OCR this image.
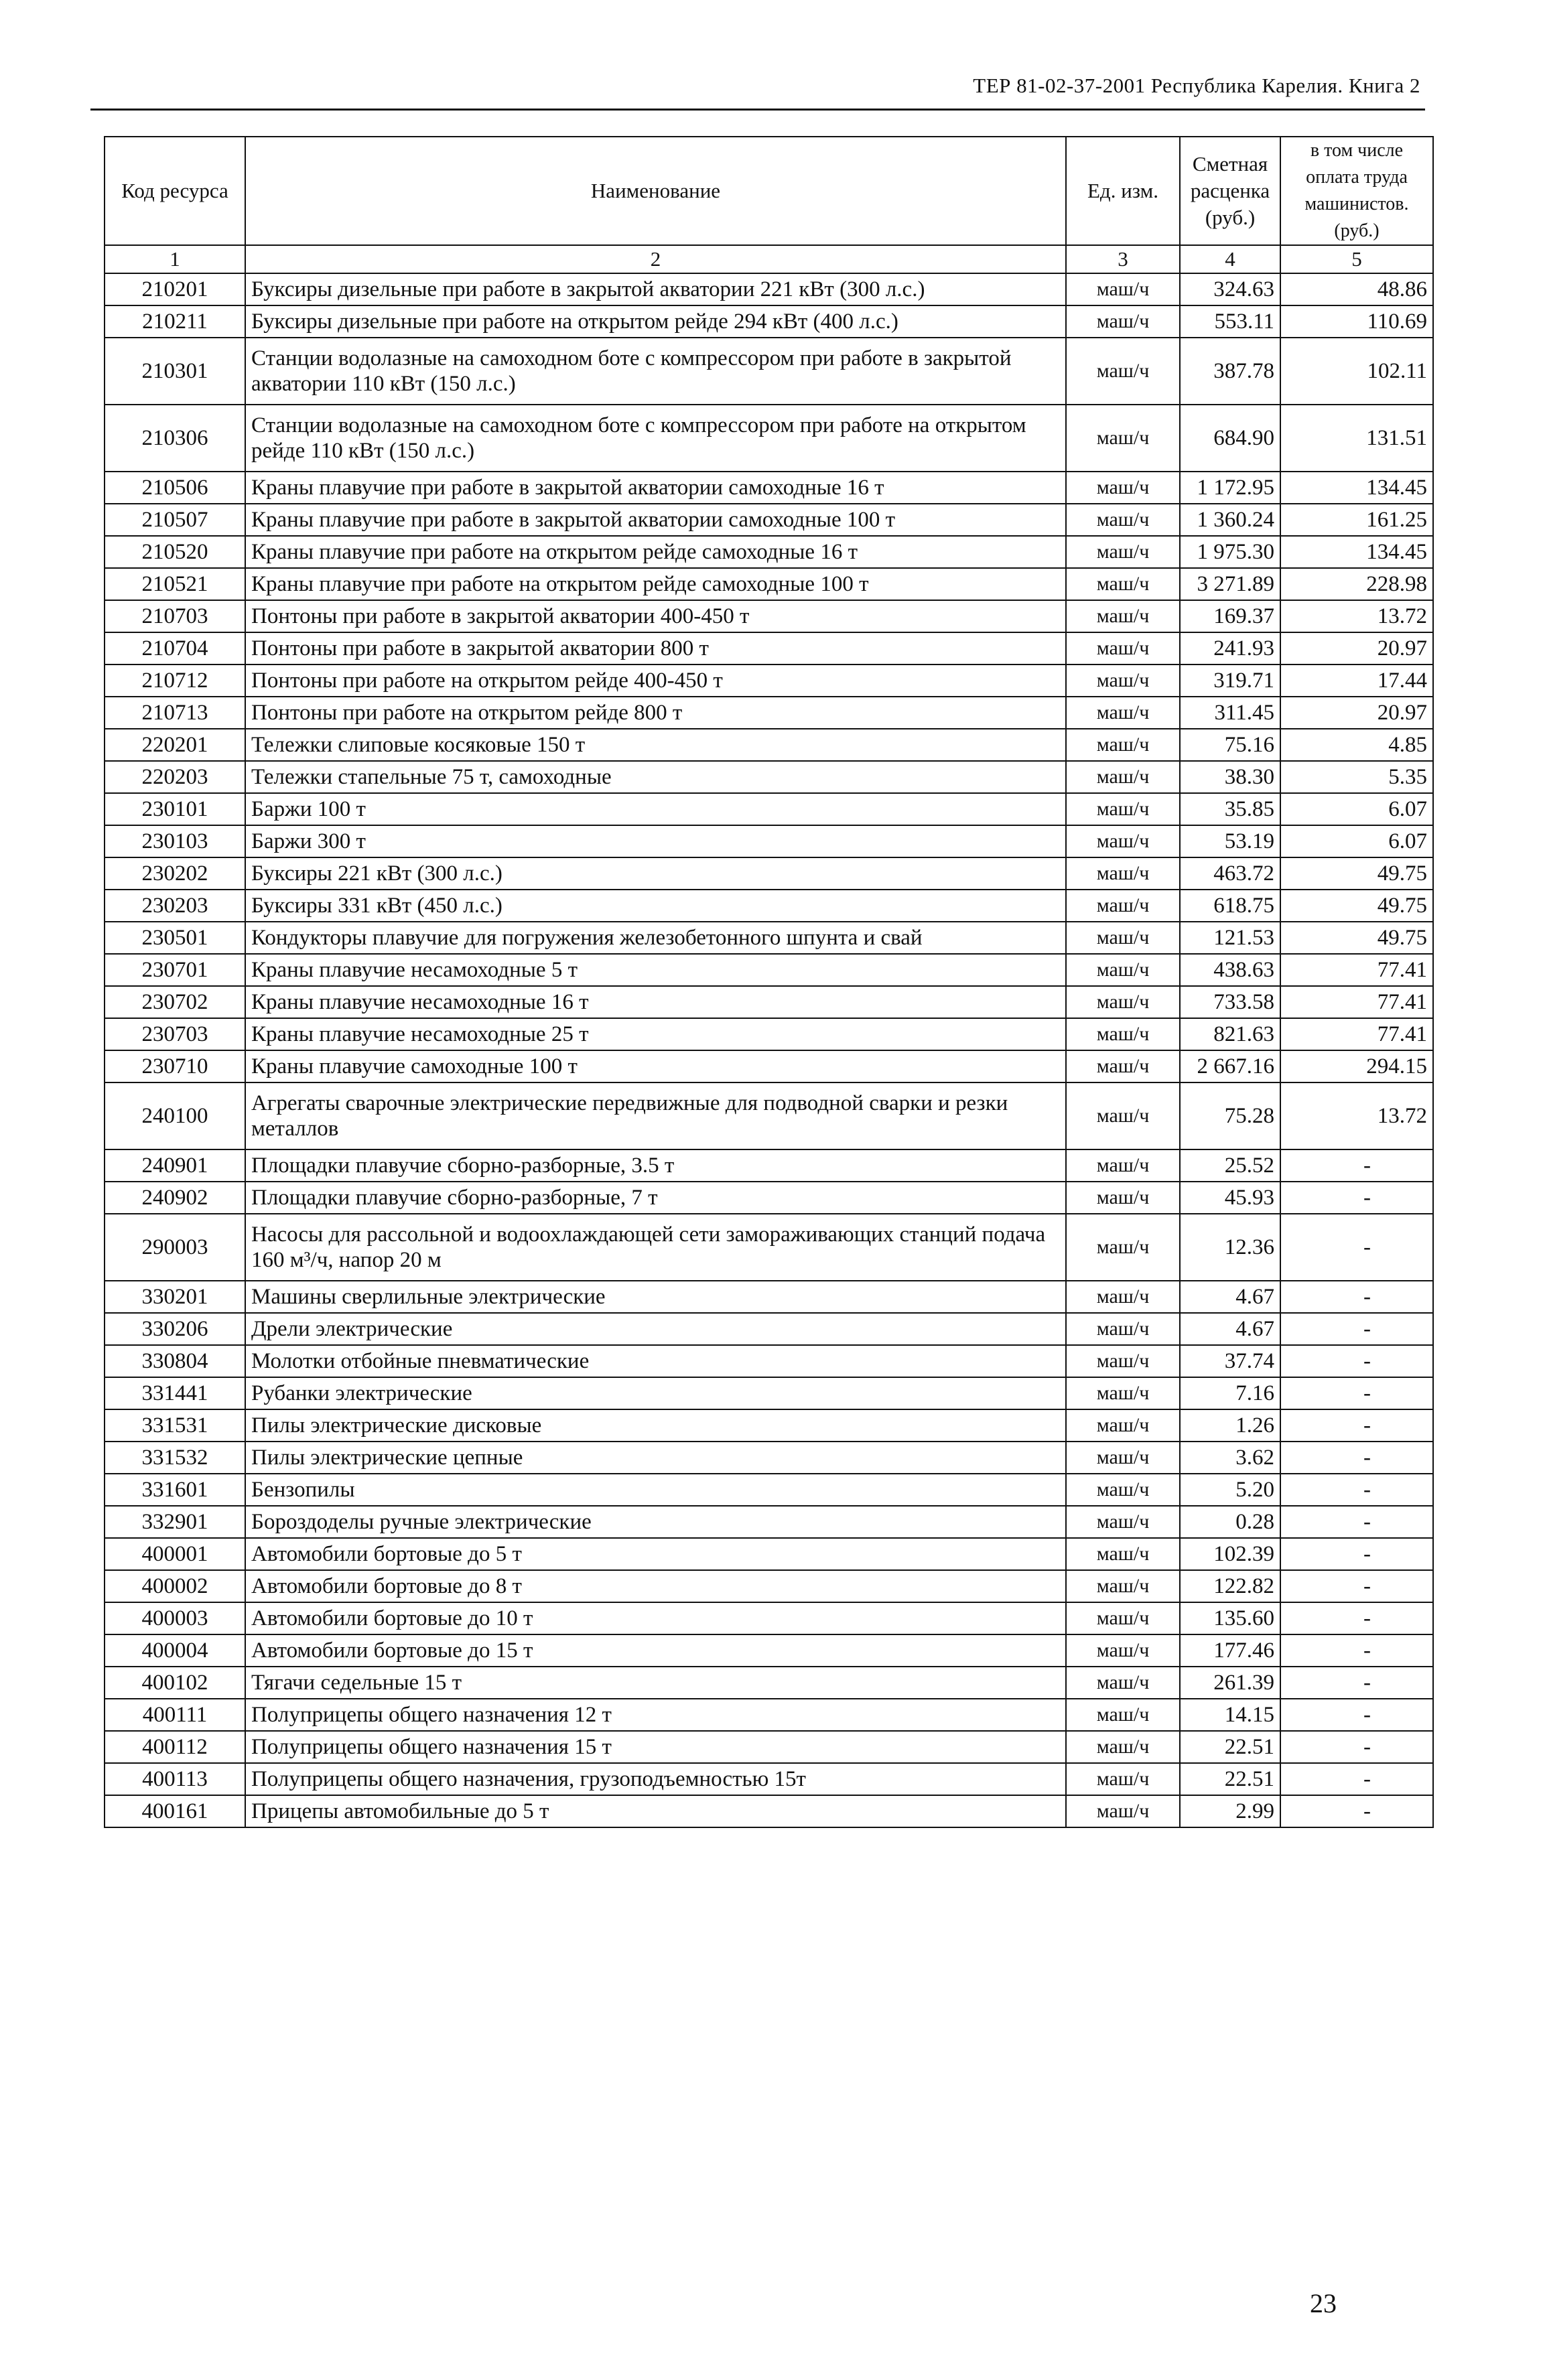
ТЕР 81-02-37-2001 Республика Карелия. Книга 2
Код ресурса	Наименование	Ед. изм.	Сметная расценка (руб.)	в том числе оплата труда машинистов. (руб.)
1	2	3	4	5
210201	Буксиры дизельные при работе в закрытой акватории 221 кВт (300 л.с.)	маш/ч	324.63	48.86
210211	Буксиры дизельные при работе на открытом рейде 294 кВт (400 л.с.)	маш/ч	553.11	110.69
210301	Станции водолазные на самоходном боте с компрессором при работе в закрытой акватории 110 кВт (150 л.с.)	маш/ч	387.78	102.11
210306	Станции водолазные на самоходном боте с компрессором при работе на открытом рейде 110 кВт (150 л.с.)	маш/ч	684.90	131.51
210506	Краны плавучие при работе в закрытой акватории самоходные 16 т	маш/ч	1 172.95	134.45
210507	Краны плавучие при работе в закрытой акватории самоходные 100 т	маш/ч	1 360.24	161.25
210520	Краны плавучие при работе на открытом рейде самоходные 16 т	маш/ч	1 975.30	134.45
210521	Краны плавучие при работе на открытом рейде самоходные 100 т	маш/ч	3 271.89	228.98
210703	Понтоны при работе в закрытой акватории 400-450 т	маш/ч	169.37	13.72
210704	Понтоны при работе в закрытой акватории 800 т	маш/ч	241.93	20.97
210712	Понтоны при работе на открытом рейде 400-450 т	маш/ч	319.71	17.44
210713	Понтоны при работе на открытом рейде 800 т	маш/ч	311.45	20.97
220201	Тележки слиповые косяковые 150 т	маш/ч	75.16	4.85
220203	Тележки стапельные 75 т, самоходные	маш/ч	38.30	5.35
230101	Баржи 100 т	маш/ч	35.85	6.07
230103	Баржи 300 т	маш/ч	53.19	6.07
230202	Буксиры 221 кВт (300 л.с.)	маш/ч	463.72	49.75
230203	Буксиры 331 кВт (450 л.с.)	маш/ч	618.75	49.75
230501	Кондукторы плавучие для погружения железобетонного шпунта и свай	маш/ч	121.53	49.75
230701	Краны плавучие несамоходные 5 т	маш/ч	438.63	77.41
230702	Краны плавучие несамоходные 16 т	маш/ч	733.58	77.41
230703	Краны плавучие несамоходные 25 т	маш/ч	821.63	77.41
230710	Краны плавучие самоходные 100 т	маш/ч	2 667.16	294.15
240100	Агрегаты сварочные электрические передвижные для подводной сварки и резки металлов	маш/ч	75.28	13.72
240901	Площадки плавучие сборно-разборные, 3.5 т	маш/ч	25.52	-
240902	Площадки плавучие сборно-разборные, 7 т	маш/ч	45.93	-
290003	Насосы для рассольной и водоохлаждающей сети замораживающих станций подача 160 м³/ч, напор 20 м	маш/ч	12.36	-
330201	Машины сверлильные электрические	маш/ч	4.67	-
330206	Дрели электрические	маш/ч	4.67	-
330804	Молотки отбойные пневматические	маш/ч	37.74	-
331441	Рубанки электрические	маш/ч	7.16	-
331531	Пилы электрические дисковые	маш/ч	1.26	-
331532	Пилы электрические цепные	маш/ч	3.62	-
331601	Бензопилы	маш/ч	5.20	-
332901	Бороздоделы ручные электрические	маш/ч	0.28	-
400001	Автомобили бортовые до 5 т	маш/ч	102.39	-
400002	Автомобили бортовые до 8 т	маш/ч	122.82	-
400003	Автомобили бортовые до 10 т	маш/ч	135.60	-
400004	Автомобили бортовые до 15 т	маш/ч	177.46	-
400102	Тягачи седельные 15 т	маш/ч	261.39	-
400111	Полуприцепы общего назначения 12 т	маш/ч	14.15	-
400112	Полуприцепы общего назначения 15 т	маш/ч	22.51	-
400113	Полуприцепы общего назначения, грузоподъемностью 15т	маш/ч	22.51	-
400161	Прицепы автомобильные до 5 т	маш/ч	2.99	-
23
